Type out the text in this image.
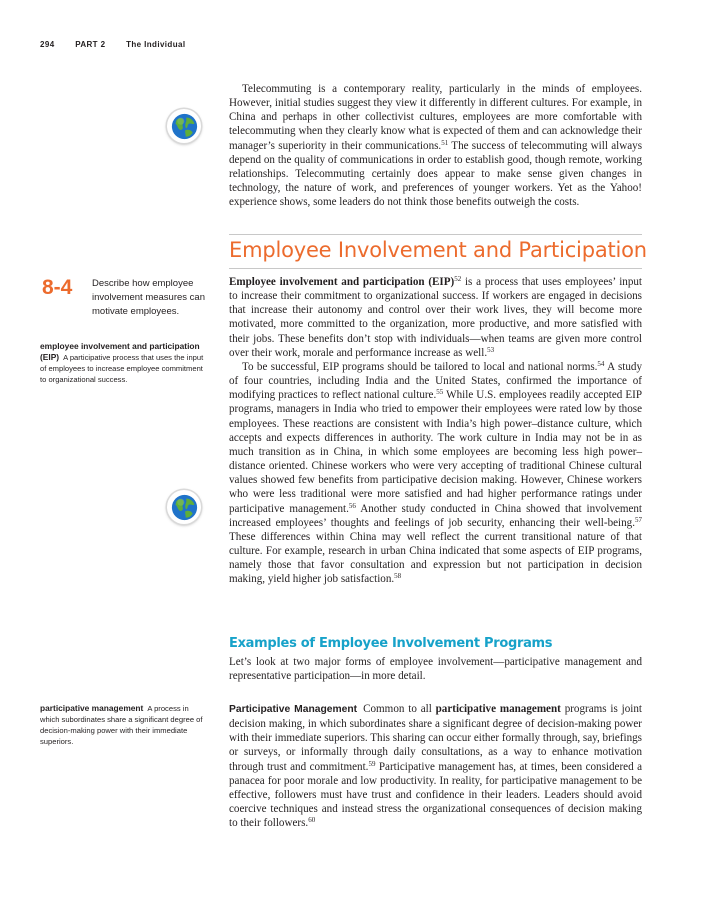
294	PART 2	The Individual

Telecommuting is a contemporary reality, particularly in the minds of employees. However, initial studies suggest they view it differently in different cultures. For example, in China and perhaps in other collectivist cultures, employees are more comfortable with telecommuting when they clearly know what is expected of them and can acknowledge their manager’s superiority in their communications.$^{51}$ The success of telecommuting will always depend on the quality of communications in order to establish good, though remote, working relationships. Telecommuting certainly does appear to make sense given changes in technology, the nature of work, and preferences of younger workers. Yet as the Yahoo! experience shows, some leaders do not think those benefits outweigh the costs.

Employee Involvement and Participation
8-4 Describe how employee involvement measures can motivate employees.
employee involvement and participation (EIP) A participative process that uses the input of employees to increase employee commitment to organizational success.

Employee involvement and participation (EIP)$^{52}$ is a process that uses employees’ input to increase their commitment to organizational success. If workers are engaged in decisions that increase their autonomy and control over their work lives, they will become more motivated, more committed to the organization, more productive, and more satisfied with their jobs. These benefits don’t stop with individuals—when teams are given more control over their work, morale and performance increase as well.$^{53}$

To be successful, EIP programs should be tailored to local and national norms.$^{54}$ A study of four countries, including India and the United States, confirmed the importance of modifying practices to reflect national culture.$^{55}$ While U.S. employees readily accepted EIP programs, managers in India who tried to empower their employees were rated low by those employees. These reactions are consistent with India’s high power–distance culture, which accepts and expects differences in authority. The work culture in India may not be in as much transition as in China, in which some employees are becoming less high power–distance oriented. Chinese workers who were very accepting of traditional Chinese cultural values showed few benefits from participative decision making. However, Chinese workers who were less traditional were more satisfied and had higher performance ratings under participative management.$^{56}$ Another study conducted in China showed that involvement increased employees’ thoughts and feelings of job security, enhancing their well-being.$^{57}$ These differences within China may well reflect the current transitional nature of that culture. For example, research in urban China indicated that some aspects of EIP programs, namely those that favor consultation and expression but not participation in decision making, yield higher job satisfaction.$^{58}$

Examples of Employee Involvement Programs

Let’s look at two major forms of employee involvement—participative management and representative participation—in more detail.

participative management A process in which subordinates share a significant degree of decision-making power with their immediate superiors.

Participative Management Common to all participative management programs is joint decision making, in which subordinates share a significant degree of decision-making power with their immediate superiors. This sharing can occur either formally through, say, briefings or surveys, or informally through daily consultations, as a way to enhance motivation through trust and commitment.$^{59}$ Participative management has, at times, been considered a panacea for poor morale and low productivity. In reality, for participative management to be effective, followers must have trust and confidence in their leaders. Leaders should avoid coercive techniques and instead stress the organizational consequences of decision making to their followers.$^{60}$
